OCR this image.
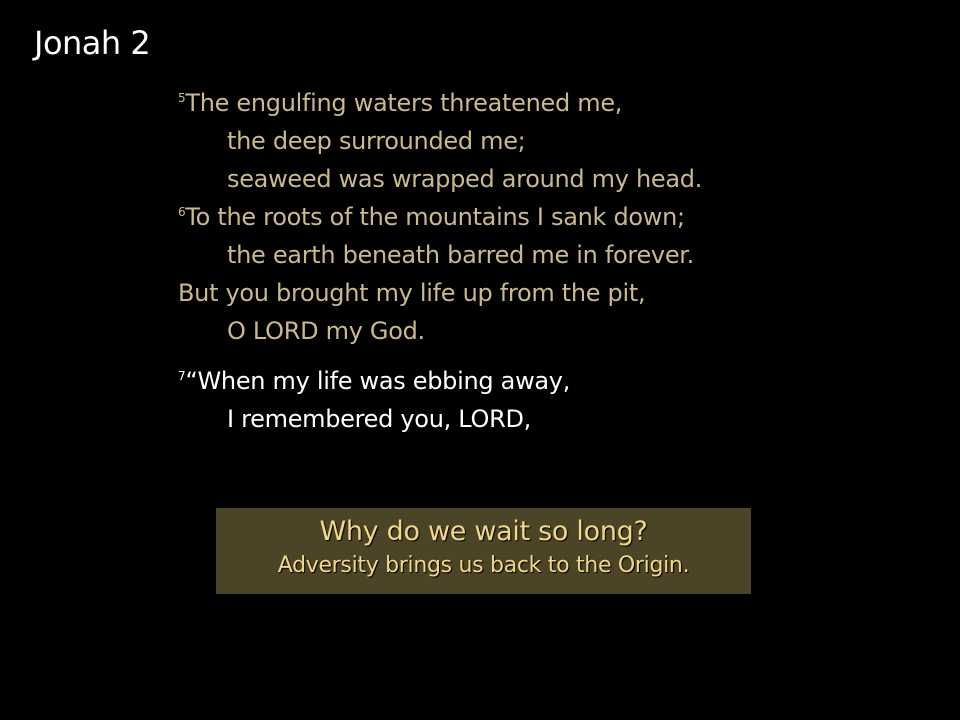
Jonah 2
$^5$The engulfing waters threatened me,
the deep surrounded me;
seaweed was wrapped around my head.
$^6$To the roots of the mountains I sank down;
the earth beneath barred me in forever.
But you brought my life up from the pit,
O LORD my God.
$^7$“When my life was ebbing away,
I remembered you, LORD,
Why do we wait so long?
Adversity brings us back to the Origin.
